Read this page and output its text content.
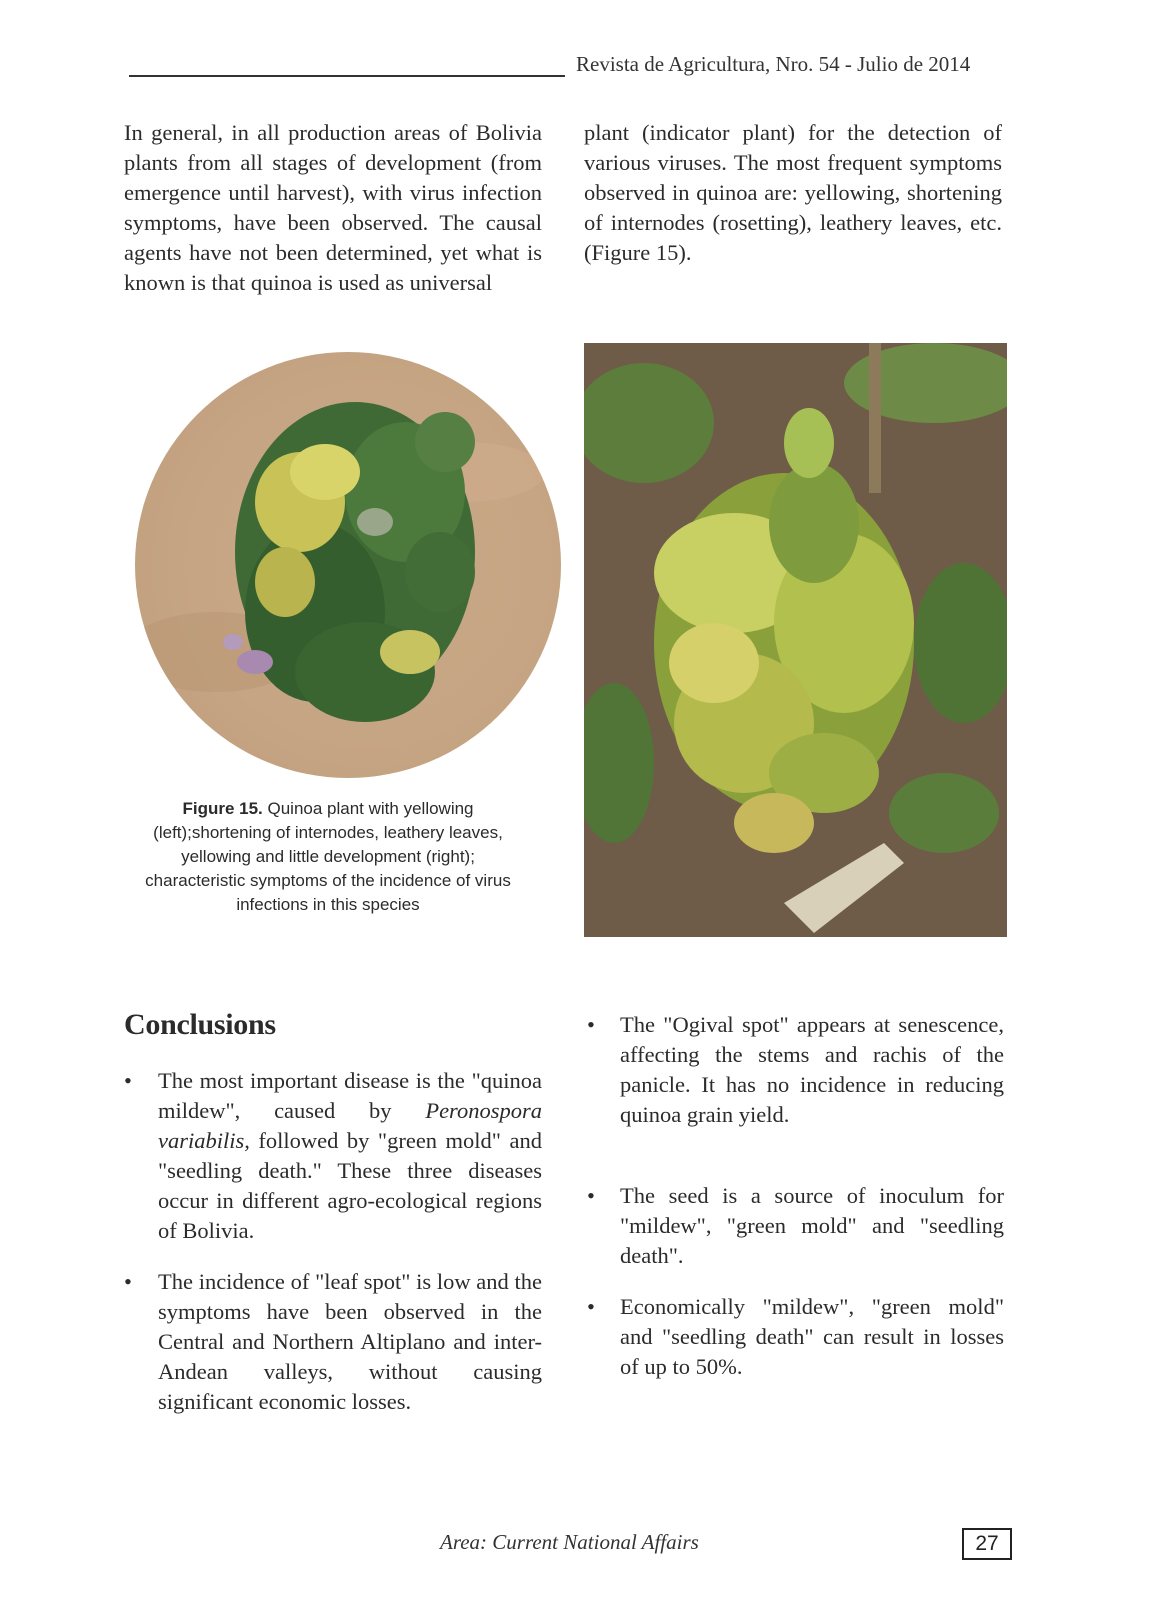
Revista de Agricultura, Nro. 54 - Julio de 2014
In general, in all production areas of Bolivia plants from all stages of development (from emergence until harvest), with virus infection symptoms, have been observed. The causal agents have not been determined, yet what is known is that quinoa is used as universal
plant (indicator plant) for the detection of various viruses. The most frequent symptoms observed in quinoa are: yellowing, shortening of internodes (rosetting), leathery leaves, etc. (Figure 15).
Figure 15. Quinoa plant with yellowing (left);shortening of internodes, leathery leaves, yellowing and little development (right); characteristic symptoms of the incidence of virus infections in this species
Conclusions
• The most important disease is the "quinoa mildew", caused by Peronospora variabilis, followed by "green mold" and "seedling death." These three diseases occur in different agro-ecological regions of Bolivia.
• The incidence of "leaf spot" is low and the symptoms have been observed in the Central and Northern Altiplano and inter-Andean valleys, without causing significant economic losses.
• The "Ogival spot" appears at senescence, affecting the stems and rachis of the panicle. It has no incidence in reducing quinoa grain yield.
• The seed is a source of inoculum for "mildew", "green mold" and "seedling death".
• Economically "mildew", "green mold" and "seedling death" can result in losses of up to 50%.
Area: Current National Affairs	27
